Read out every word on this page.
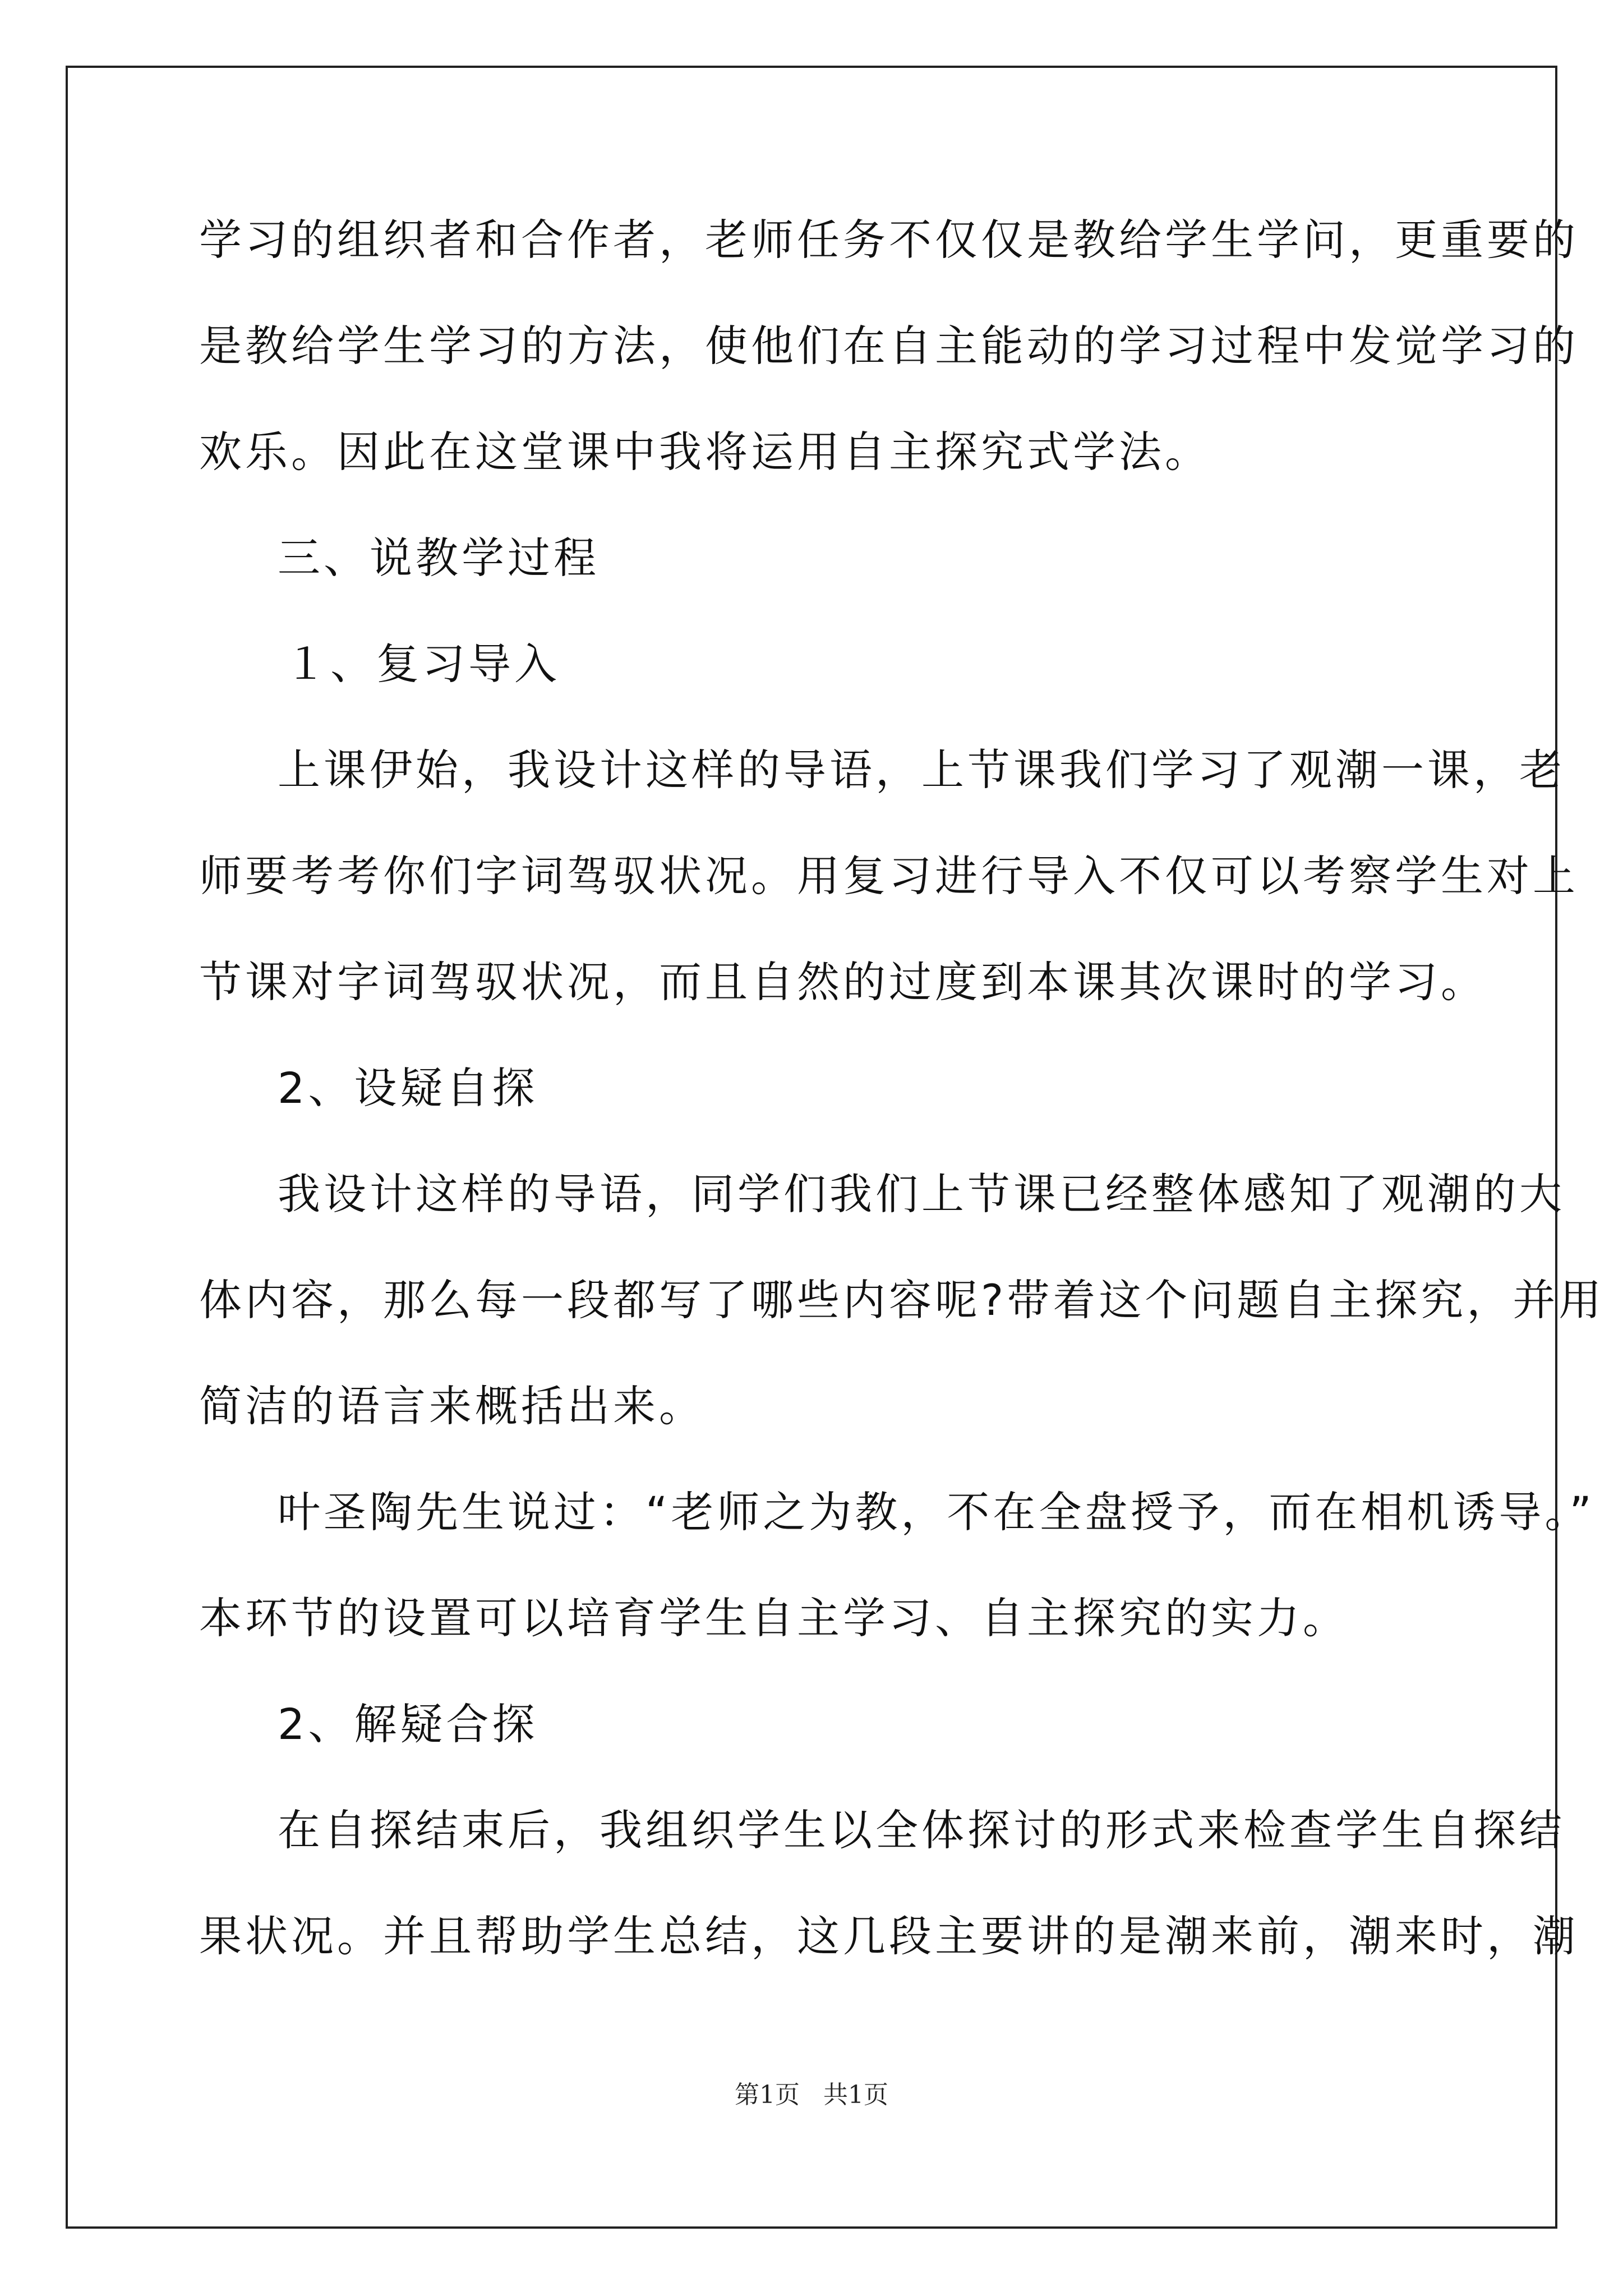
学习的组织者和合作者，老师任务不仅仅是教给学生学问，更重要的
是教给学生学习的方法，使他们在自主能动的学习过程中发觉学习的
欢乐。因此在这堂课中我将运用自主探究式学法。
三、说教学过程
１、复习导入
上课伊始，我设计这样的导语，上节课我们学习了观潮一课，老
师要考考你们字词驾驭状况。用复习进行导入不仅可以考察学生对上
节课对字词驾驭状况，而且自然的过度到本课其次课时的学习。
2、设疑自探
我设计这样的导语，同学们我们上节课已经整体感知了观潮的大
体内容，那么每一段都写了哪些内容呢?带着这个问题自主探究，并用
简洁的语言来概括出来。
叶圣陶先生说过：“老师之为教，不在全盘授予，而在相机诱导。”
本环节的设置可以培育学生自主学习、自主探究的实力。
2、解疑合探
在自探结束后，我组织学生以全体探讨的形式来检查学生自探结
果状况。并且帮助学生总结，这几段主要讲的是潮来前，潮来时，潮
第1页 共1页
